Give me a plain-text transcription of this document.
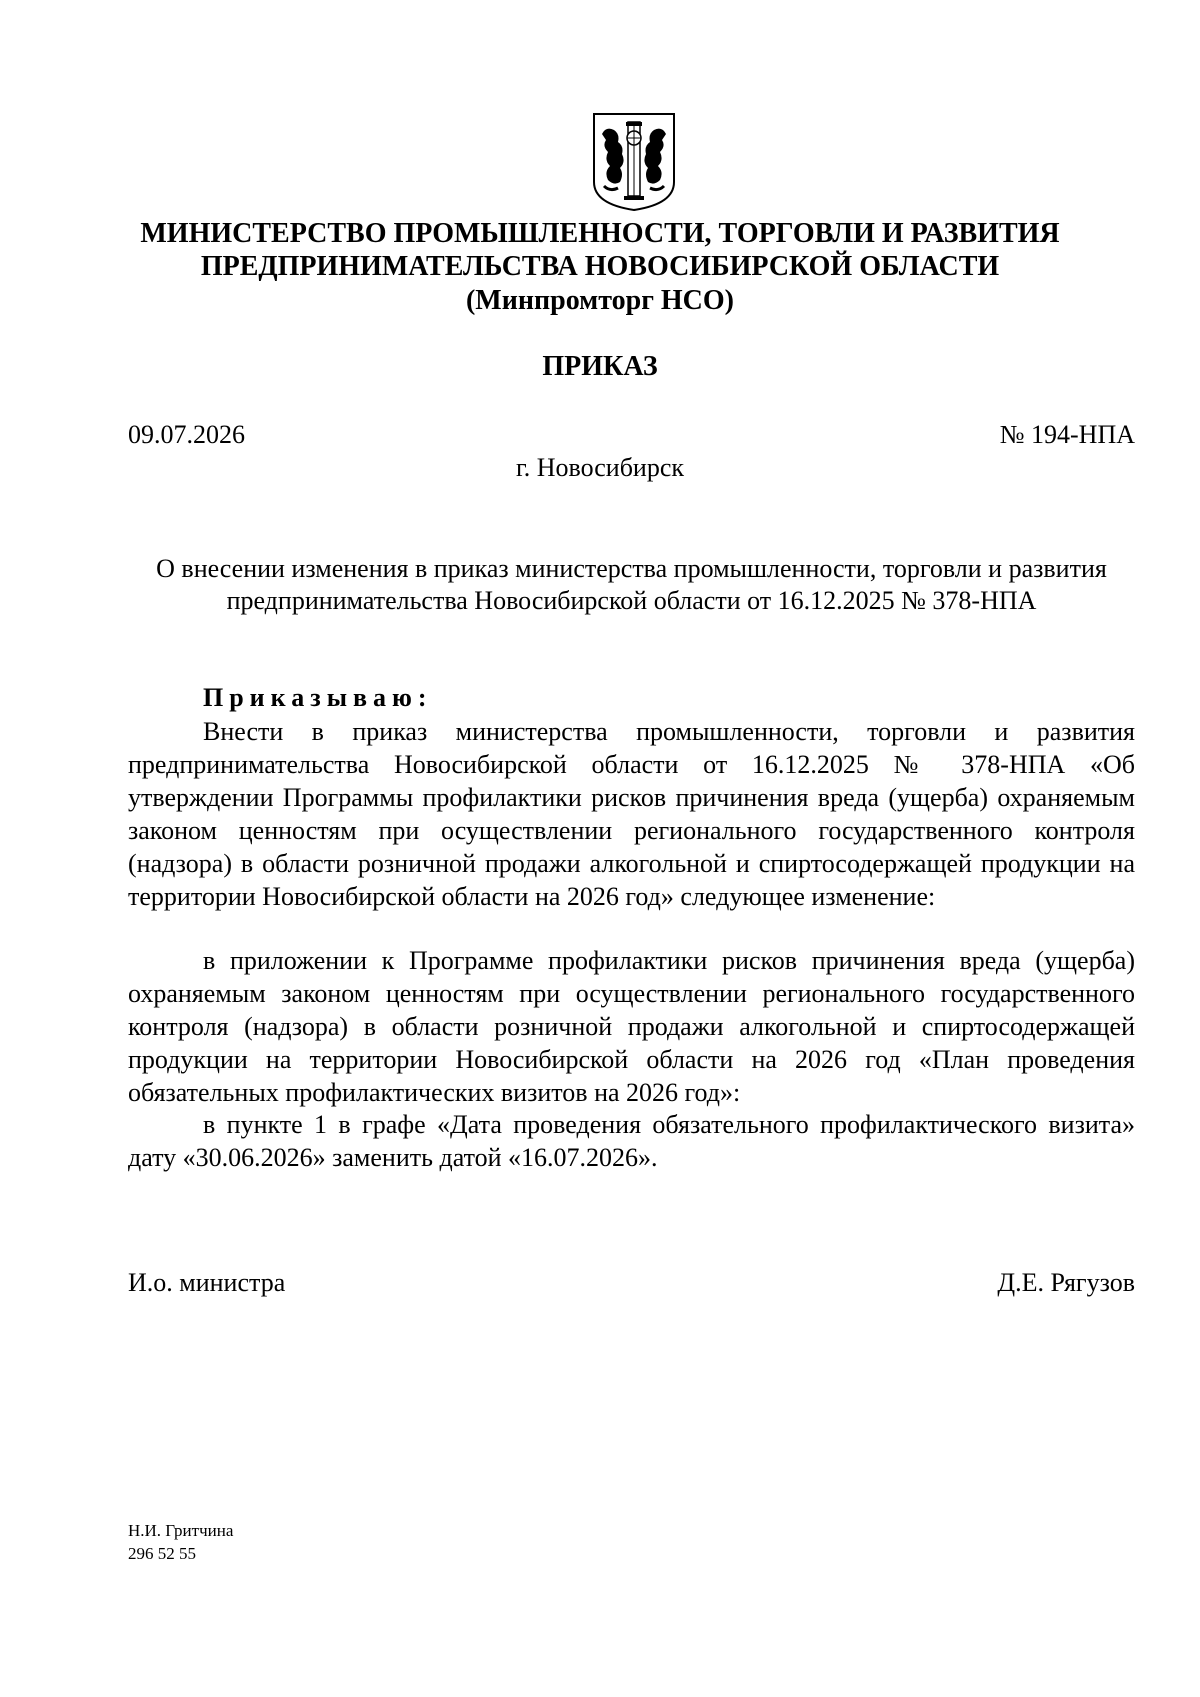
МИНИСТЕРСТВО ПРОМЫШЛЕННОСТИ, ТОРГОВЛИ И РАЗВИТИЯ
ПРЕДПРИНИМАТЕЛЬСТВА НОВОСИБИРСКОЙ ОБЛАСТИ
(Минпромторг НСО)
ПРИКАЗ
09.07.2026	№ 194-НПА
г. Новосибирск
О внесении изменения в приказ министерства промышленности, торговли и развития предпринимательства Новосибирской области от 16.12.2025 № 378-НПА
Приказываю:

Внести в приказ министерства промышленности, торговли и развития предпринимательства Новосибирской области от 16.12.2025 № 378-НПА «Об утверждении Программы профилактики рисков причинения вреда (ущерба) охраняемым законом ценностям при осуществлении регионального государственного контроля (надзора) в области розничной продажи алкогольной и спиртосодержащей продукции на территории Новосибирской области на 2026 год» следующее изменение:

в приложении к Программе профилактики рисков причинения вреда (ущерба) охраняемым законом ценностям при осуществлении регионального государственного контроля (надзора) в области розничной продажи алкогольной и спиртосодержащей продукции на территории Новосибирской области на 2026 год «План проведения обязательных профилактических визитов на 2026 год»:

в пункте 1 в графе «Дата проведения обязательного профилактического визита» дату «30.06.2026» заменить датой «16.07.2026».

И.о. министра	Д.Е. Рягузов
Н.И. Гритчина
296 52 55
